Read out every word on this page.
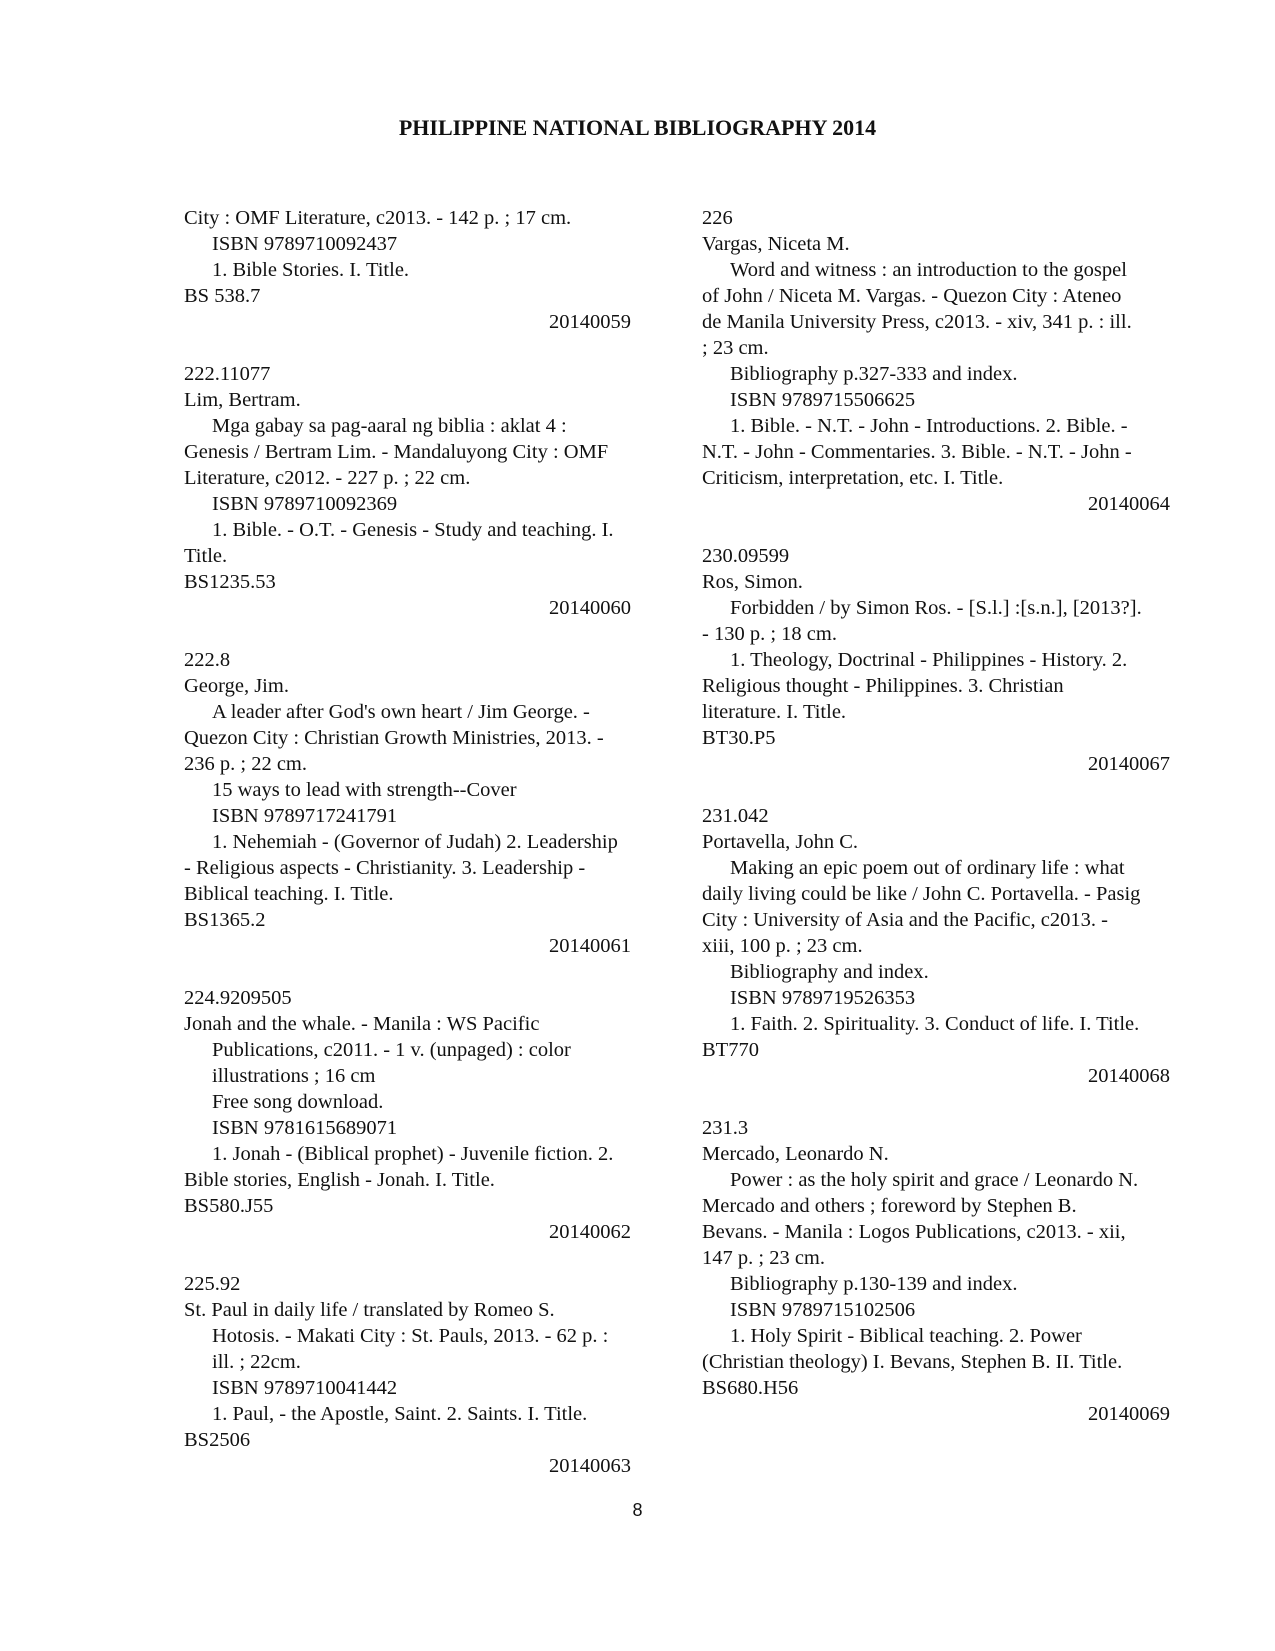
PHILIPPINE NATIONAL BIBLIOGRAPHY 2014
City : OMF Literature, c2013. - 142 p. ; 17 cm.
ISBN 9789710092437
1. Bible Stories. I. Title.
BS 538.7
20140059
222.11077
Lim, Bertram.
Mga gabay sa pag-aaral ng biblia : aklat 4 :
Genesis / Bertram Lim. - Mandaluyong City : OMF
Literature, c2012. - 227 p. ; 22 cm.
ISBN 9789710092369
1. Bible. - O.T. - Genesis - Study and teaching. I.
Title.
BS1235.53
20140060
222.8
George, Jim.
A leader after God's own heart / Jim George. -
Quezon City : Christian Growth Ministries, 2013. -
236 p. ; 22 cm.
15 ways to lead with strength--Cover
ISBN 9789717241791
1. Nehemiah - (Governor of Judah) 2. Leadership
- Religious aspects - Christianity. 3. Leadership -
Biblical teaching. I. Title.
BS1365.2
20140061
224.9209505
Jonah and the whale. - Manila : WS Pacific
Publications, c2011. - 1 v. (unpaged) : color
illustrations ; 16 cm
Free song download.
ISBN 9781615689071
1. Jonah - (Biblical prophet) - Juvenile fiction. 2.
Bible stories, English - Jonah. I. Title.
BS580.J55
20140062
225.92
St. Paul in daily life / translated by Romeo S.
Hotosis. - Makati City : St. Pauls, 2013. - 62 p. :
ill. ; 22cm.
ISBN 9789710041442
1. Paul, - the Apostle, Saint. 2. Saints. I. Title.
BS2506
20140063
226
Vargas, Niceta M.
Word and witness : an introduction to the gospel
of John / Niceta M. Vargas. - Quezon City : Ateneo
de Manila University Press, c2013. - xiv, 341 p. : ill.
; 23 cm.
Bibliography p.327-333 and index.
ISBN 9789715506625
1. Bible. - N.T. - John - Introductions. 2. Bible. -
N.T. - John - Commentaries. 3. Bible. - N.T. - John -
Criticism, interpretation, etc. I. Title.
20140064
230.09599
Ros, Simon.
Forbidden / by Simon Ros. - [S.l.] :[s.n.], [2013?].
- 130 p. ; 18 cm.
1. Theology, Doctrinal - Philippines - History. 2.
Religious thought - Philippines. 3. Christian
literature. I. Title.
BT30.P5
20140067
231.042
Portavella, John C.
Making an epic poem out of ordinary life : what
daily living could be like / John C. Portavella. - Pasig
City : University of Asia and the Pacific, c2013. -
xiii, 100 p. ; 23 cm.
Bibliography and index.
ISBN 9789719526353
1. Faith. 2. Spirituality. 3. Conduct of life. I. Title.
BT770
20140068
231.3
Mercado, Leonardo N.
Power : as the holy spirit and grace / Leonardo N.
Mercado and others ; foreword by Stephen B.
Bevans. - Manila : Logos Publications, c2013. - xii,
147 p. ; 23 cm.
Bibliography p.130-139 and index.
ISBN 9789715102506
1. Holy Spirit - Biblical teaching. 2. Power
(Christian theology) I. Bevans, Stephen B. II. Title.
BS680.H56
20140069
8
